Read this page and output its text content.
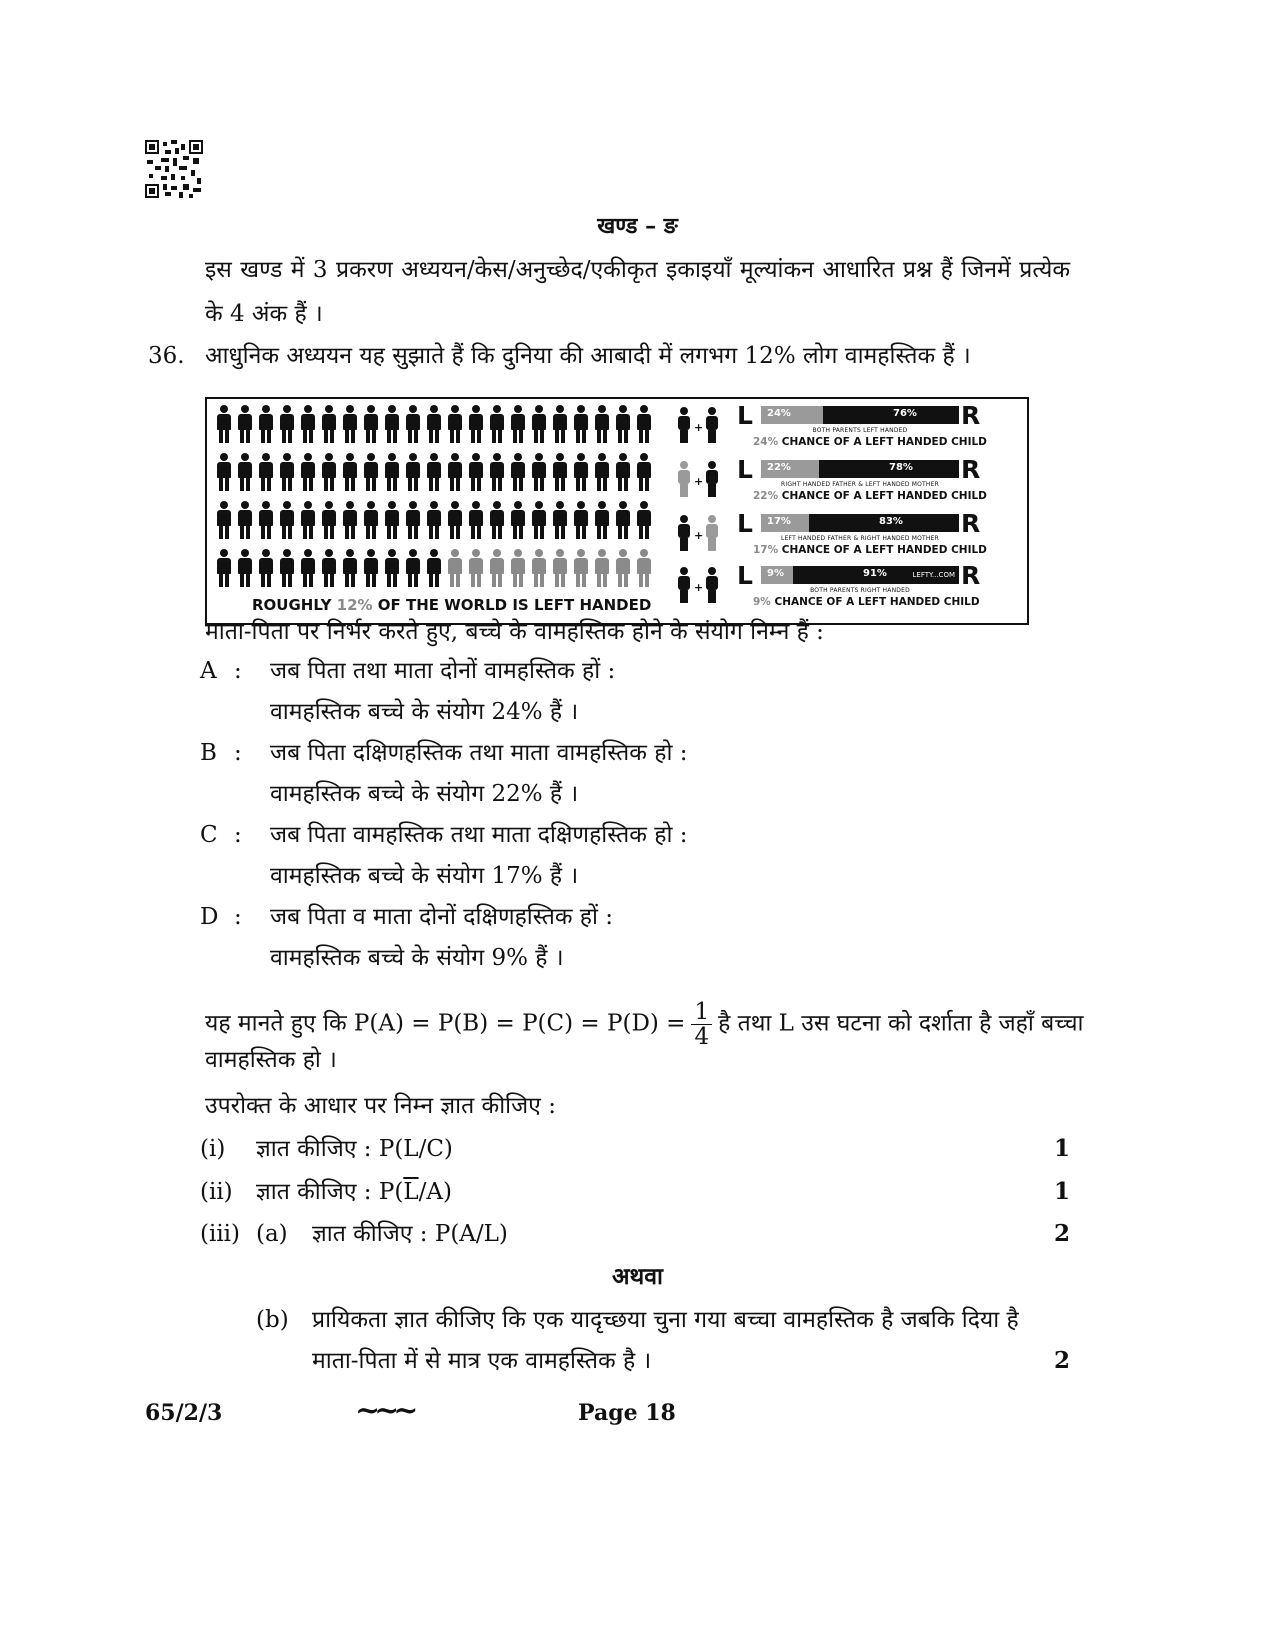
खण्ड – ङ
इस खण्ड में 3 प्रकरण अध्ययन/केस/अनुच्छेद/एकीकृत इकाइयाँ मूल्यांकन आधारित प्रश्न हैं जिनमें प्रत्येक के 4 अंक हैं ।
36. आधुनिक अध्ययन यह सुझाते हैं कि दुनिया की आबादी में लगभग 12% लोग वामहस्तिक हैं ।
ROUGHLY 12% OF THE WORLD IS LEFT HANDED
+
+
+
+
L 24%	76% R
BOTH PARENTS LEFT HANDED
24% CHANCE OF A LEFT HANDED CHILD
L 22%	78% R
RIGHT HANDED FATHER & LEFT HANDED MOTHER
22% CHANCE OF A LEFT HANDED CHILD
L 17%	83% R
LEFT HANDED FATHER & RIGHT HANDED MOTHER
17% CHANCE OF A LEFT HANDED CHILD
L 9%	91%	LEFTY...COM R
BOTH PARENTS RIGHT HANDED
9% CHANCE OF A LEFT HANDED CHILD
माता-पिता पर निर्भर करते हुए, बच्चे के वामहस्तिक होने के संयोग निम्न हैं :
A : जब पिता तथा माता दोनों वामहस्तिक हों :
वामहस्तिक बच्चे के संयोग 24% हैं ।
B : जब पिता दक्षिणहस्तिक तथा माता वामहस्तिक हो :
वामहस्तिक बच्चे के संयोग 22% हैं ।
C : जब पिता वामहस्तिक तथा माता दक्षिणहस्तिक हो :
वामहस्तिक बच्चे के संयोग 17% हैं ।
D : जब पिता व माता दोनों दक्षिणहस्तिक हों :
वामहस्तिक बच्चे के संयोग 9% हैं ।
यह मानते हुए कि $P(A) = P(B) = P(C) = P(D) = \frac{1}{4}$ है तथा L उस घटना को दर्शाता है जहाँ बच्चा
वामहस्तिक हो ।
उपरोक्त के आधार पर निम्न ज्ञात कीजिए :
(i) ज्ञात कीजिए : P(L/C)	1
(ii) ज्ञात कीजिए : $P(\overline{L}/A)$	1
(iii) (a) ज्ञात कीजिए : P(A/L)	2
अथवा
(b) प्रायिकता ज्ञात कीजिए कि एक यादृच्छया चुना गया बच्चा वामहस्तिक है जबकि दिया है
माता-पिता में से मात्र एक वामहस्तिक है ।	2
65/2/3	~~~	Page 18
